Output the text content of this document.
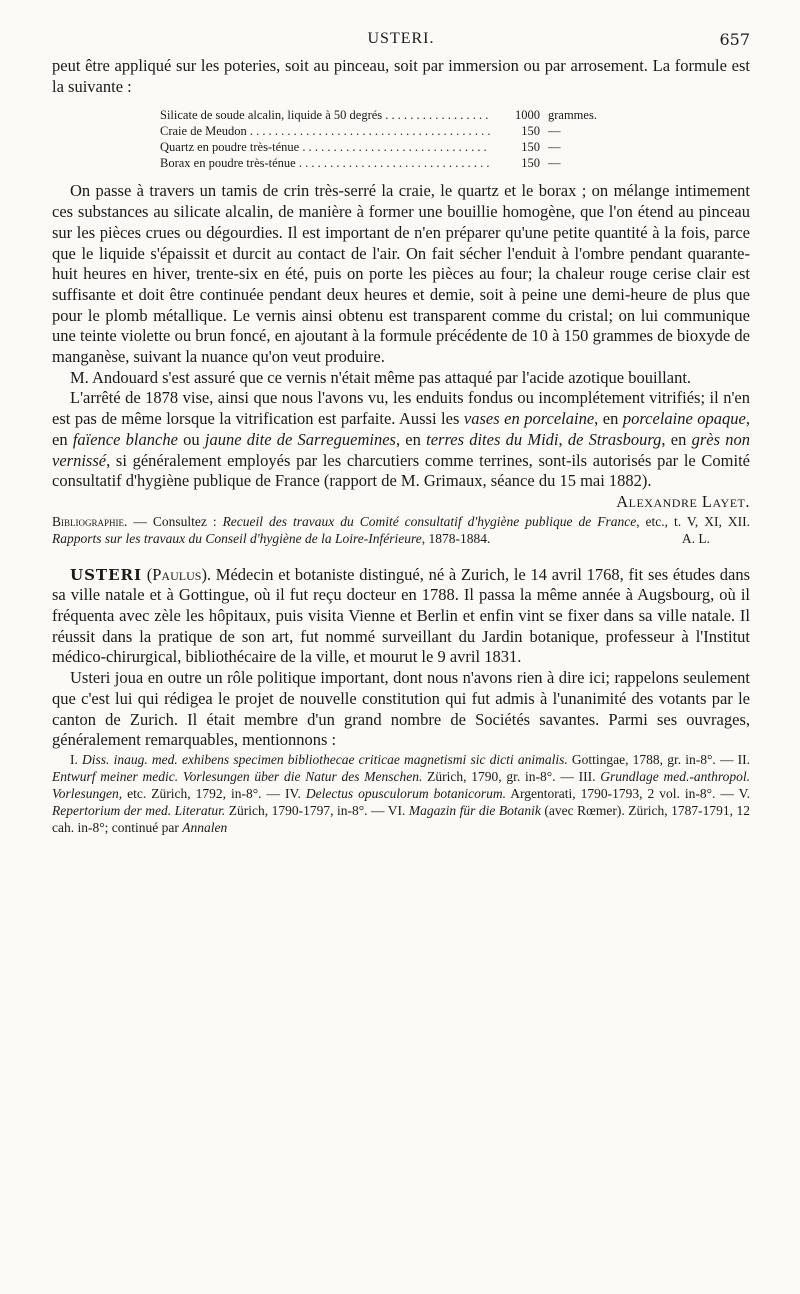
USTERI.	657

peut être appliqué sur les poteries, soit au pinceau, soit par immersion ou par arrosement. La formule est la suivante :

Silicate de soude alcalin, liquide à 50 degrés . . .	1000 grammes.
Craie de Meudon . . .	150 —
Quartz en poudre très-ténue . . .	150 —
Borax en poudre très-ténue . . .	150 —

On passe à travers un tamis de crin très-serré la craie, le quartz et le borax ; on mélange intimement ces substances au silicate alcalin, de manière à former une bouillie homogène, que l'on étend au pinceau sur les pièces crues ou dégourdies. Il est important de n'en préparer qu'une petite quantité à la fois, parce que le liquide s'épaissit et durcit au contact de l'air. On fait sécher l'enduit à l'ombre pendant quarante-huit heures en hiver, trente-six en été, puis on porte les pièces au four; la chaleur rouge cerise clair est suffisante et doit être continuée pendant deux heures et demie, soit à peine une demi-heure de plus que pour le plomb métallique. Le vernis ainsi obtenu est transparent comme du cristal; on lui communique une teinte violette ou brun foncé, en ajoutant à la formule précédente de 10 à 150 grammes de bioxyde de manganèse, suivant la nuance qu'on veut produire.

M. Andouard s'est assuré que ce vernis n'était même pas attaqué par l'acide azotique bouillant.

L'arrêté de 1878 vise, ainsi que nous l'avons vu, les enduits fondus ou incomplétement vitrifiés; il n'en est pas de même lorsque la vitrification est parfaite. Aussi les vases en porcelaine, en porcelaine opaque, en faïence blanche ou jaune dite de Sarreguemines, en terres dites du Midi, de Strasbourg, en grès non vernissé, si généralement employés par les charcutiers comme terrines, sont-ils autorisés par le Comité consultatif d'hygiène publique de France (rapport de M. Grimaux, séance du 15 mai 1882).
Alexandre Layet.

Bibliographie. — Consultez : Recueil des travaux du Comité consultatif d'hygiène publique de France, etc., t. V, XI, XII. Rapports sur les travaux du Conseil d'hygiène de la Loire-Inférieure, 1878-1884.	A. L.

USTERI (Paulus). Médecin et botaniste distingué, né à Zurich, le 14 avril 1768, fit ses études dans sa ville natale et à Gottingue, où il fut reçu docteur en 1788. Il passa la même année à Augsbourg, où il fréquenta avec zèle les hôpitaux, puis visita Vienne et Berlin et enfin vint se fixer dans sa ville natale. Il réussit dans la pratique de son art, fut nommé surveillant du Jardin botanique, professeur à l'Institut médico-chirurgical, bibliothécaire de la ville, et mourut le 9 avril 1831.

Usteri joua en outre un rôle politique important, dont nous n'avons rien à dire ici; rappelons seulement que c'est lui qui rédigea le projet de nouvelle constitution qui fut admis à l'unanimité des votants par le canton de Zurich. Il était membre d'un grand nombre de Sociétés savantes. Parmi ses ouvrages, généralement remarquables, mentionnons :

I. Diss. inaug. med. exhibens specimen bibliothecae criticae magnetismi sic dicti animalis. Gottingae, 1788, gr. in-8°. — II. Entwurf meiner medic. Vorlesungen über die Natur des Menschen. Zürich, 1790, gr. in-8°. — III. Grundlage med.-anthropol. Vorlesungen, etc. Zürich, 1792, in-8°. — IV. Delectus opusculorum botanicorum. Argentorati, 1790-1793, 2 vol. in-8°. — V. Repertorium der med. Literatur. Zürich, 1790-1797, in-8°. — VI. Magazin für die Botanik (avec Rœmer). Zürich, 1787-1791, 12 cah. in-8°; continué par Annalen
